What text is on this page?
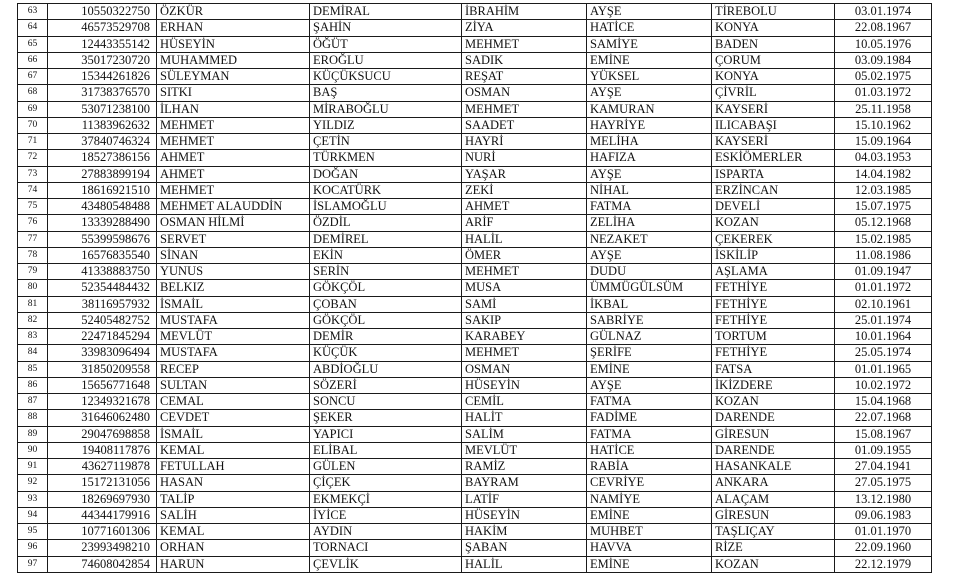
63	10550322750	ÖZKÜR	DEMİRAL	İBRAHİM	AYŞE	TİREBOLU	03.01.1974
64	46573529708	ERHAN	ŞAHİN	ZİYA	HATİCE	KONYA	22.08.1967
65	12443355142	HÜSEYİN	ÖĞÜT	MEHMET	SAMİYE	BADEN	10.05.1976
66	35017230720	MUHAMMED	EROĞLU	SADIK	EMİNE	ÇORUM	03.09.1984
67	15344261826	SÜLEYMAN	KÜÇÜKSUCU	REŞAT	YÜKSEL	KONYA	05.02.1975
68	31738376570	SITKI	BAŞ	OSMAN	AYŞE	ÇİVRİL	01.03.1972
69	53071238100	İLHAN	MİRABOĞLU	MEHMET	KAMURAN	KAYSERİ	25.11.1958
70	11383962632	MEHMET	YILDIZ	SAADET	HAYRİYE	ILICABAŞI	15.10.1962
71	37840746324	MEHMET	ÇETİN	HAYRİ	MELİHA	KAYSERİ	15.09.1964
72	18527386156	AHMET	TÜRKMEN	NURİ	HAFIZA	ESKİÖMERLER	04.03.1953
73	27883899194	AHMET	DOĞAN	YAŞAR	AYŞE	ISPARTA	14.04.1982
74	18616921510	MEHMET	KOCATÜRK	ZEKİ	NİHAL	ERZİNCAN	12.03.1985
75	43480548488	MEHMET ALAUDDİN	İSLAMOĞLU	AHMET	FATMA	DEVELİ	15.07.1975
76	13339288490	OSMAN HİLMİ	ÖZDİL	ARİF	ZELİHA	KOZAN	05.12.1968
77	55399598676	SERVET	DEMİREL	HALİL	NEZAKET	ÇEKEREK	15.02.1985
78	16576835540	SİNAN	EKİN	ÖMER	AYŞE	İSKİLİP	11.08.1986
79	41338883750	YUNUS	SERİN	MEHMET	DUDU	AŞLAMA	01.09.1947
80	52354484432	BELKIZ	GÖKÇÖL	MUSA	ÜMMÜGÜLSÜM	FETHİYE	01.01.1972
81	38116957932	İSMAİL	ÇOBAN	SAMİ	İKBAL	FETHİYE	02.10.1961
82	52405482752	MUSTAFA	GÖKÇÖL	SAKIP	SABRİYE	FETHİYE	25.01.1974
83	22471845294	MEVLÜT	DEMİR	KARABEY	GÜLNAZ	TORTUM	10.01.1964
84	33983096494	MUSTAFA	KÜÇÜK	MEHMET	ŞERİFE	FETHİYE	25.05.1974
85	31850209558	RECEP	ABDİOĞLU	OSMAN	EMİNE	FATSA	01.01.1965
86	15656771648	SULTAN	SÖZERİ	HÜSEYİN	AYŞE	İKİZDERE	10.02.1972
87	12349321678	CEMAL	SONCU	CEMİL	FATMA	KOZAN	15.04.1968
88	31646062480	CEVDET	ŞEKER	HALİT	FADİME	DARENDE	22.07.1968
89	29047698858	İSMAİL	YAPICI	SALİM	FATMA	GİRESUN	15.08.1967
90	19408117876	KEMAL	ELİBAL	MEVLÜT	HATİCE	DARENDE	01.09.1955
91	43627119878	FETULLAH	GÜLEN	RAMİZ	RABİA	HASANKALE	27.04.1941
92	15172131056	HASAN	ÇİÇEK	BAYRAM	CEVRİYE	ANKARA	27.05.1975
93	18269697930	TALİP	EKMEKÇİ	LATİF	NAMİYE	ALAÇAM	13.12.1980
94	44344179916	SALİH	İYİCE	HÜSEYİN	EMİNE	GİRESUN	09.06.1983
95	10771601306	KEMAL	AYDIN	HAKİM	MUHBET	TAŞLIÇAY	01.01.1970
96	23993498210	ORHAN	TORNACI	ŞABAN	HAVVA	RİZE	22.09.1960
97	74608042854	HARUN	ÇEVLİK	HALİL	EMİNE	KOZAN	22.12.1979
